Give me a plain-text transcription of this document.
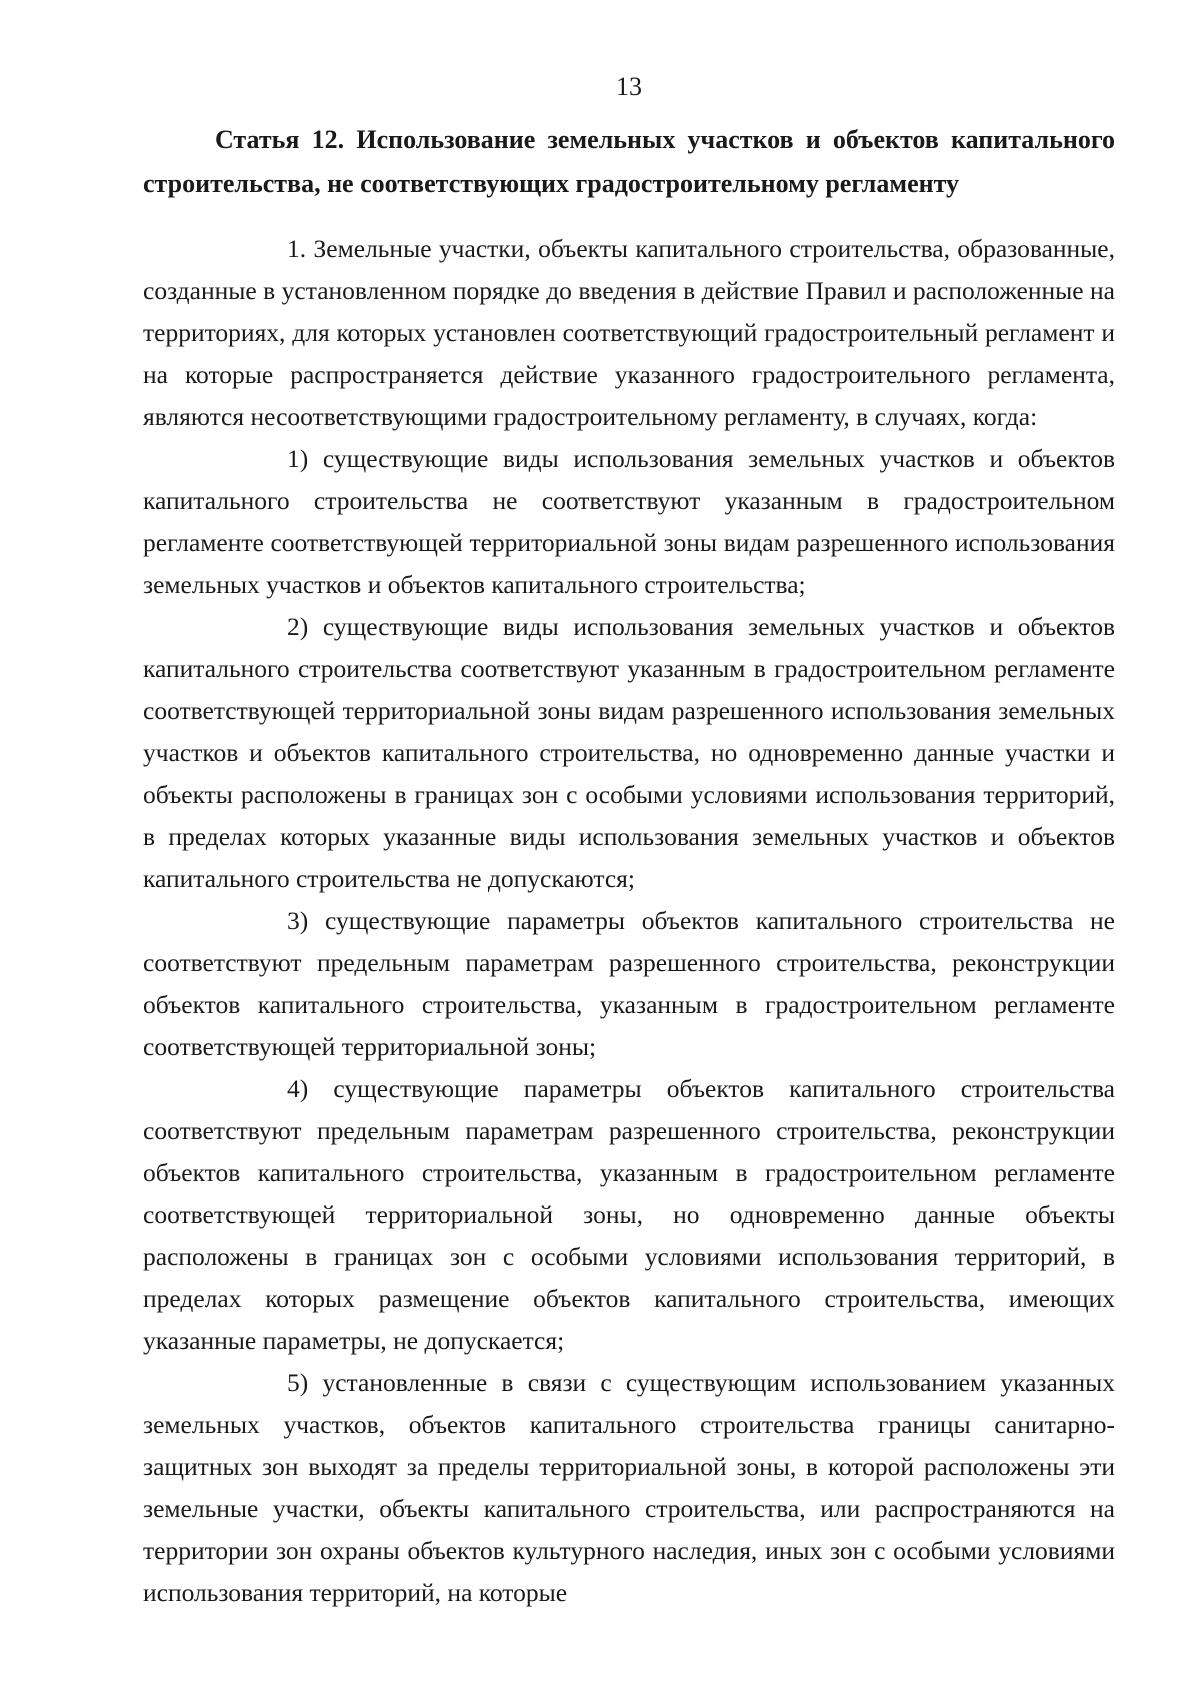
13

Статья 12. Использование земельных участков и объектов капитального строительства, не соответствующих градостроительному регламенту

1. Земельные участки, объекты капитального строительства, образованные, созданные в установленном порядке до введения в действие Правил и расположенные на территориях, для которых установлен соответствующий градостроительный регламент и на которые распространяется действие указанного градостроительного регламента, являются несоответствующими градостроительному регламенту, в случаях, когда:

1) существующие виды использования земельных участков и объектов капитального строительства не соответствуют указанным в градостроительном регламенте соответствующей территориальной зоны видам разрешенного использования земельных участков и объектов капитального строительства;

2) существующие виды использования земельных участков и объектов капитального строительства соответствуют указанным в градостроительном регламенте соответствующей территориальной зоны видам разрешенного использования земельных участков и объектов капитального строительства, но одновременно данные участки и объекты расположены в границах зон с особыми условиями использования территорий, в пределах которых указанные виды использования земельных участков и объектов капитального строительства не допускаются;

3) существующие параметры объектов капитального строительства не соответствуют предельным параметрам разрешенного строительства, реконструкции объектов капитального строительства, указанным в градостроительном регламенте соответствующей территориальной зоны;

4) существующие параметры объектов капитального строительства соответствуют предельным параметрам разрешенного строительства, реконструкции объектов капитального строительства, указанным в градостроительном регламенте соответствующей территориальной зоны, но одновременно данные объекты расположены в границах зон с особыми условиями использования территорий, в пределах которых размещение объектов капитального строительства, имеющих указанные параметры, не допускается;

5) установленные в связи с существующим использованием указанных земельных участков, объектов капитального строительства границы санитарно-защитных зон выходят за пределы территориальной зоны, в которой расположены эти земельные участки, объекты капитального строительства, или распространяются на территории зон охраны объектов культурного наследия, иных зон с особыми условиями использования территорий, на которые
